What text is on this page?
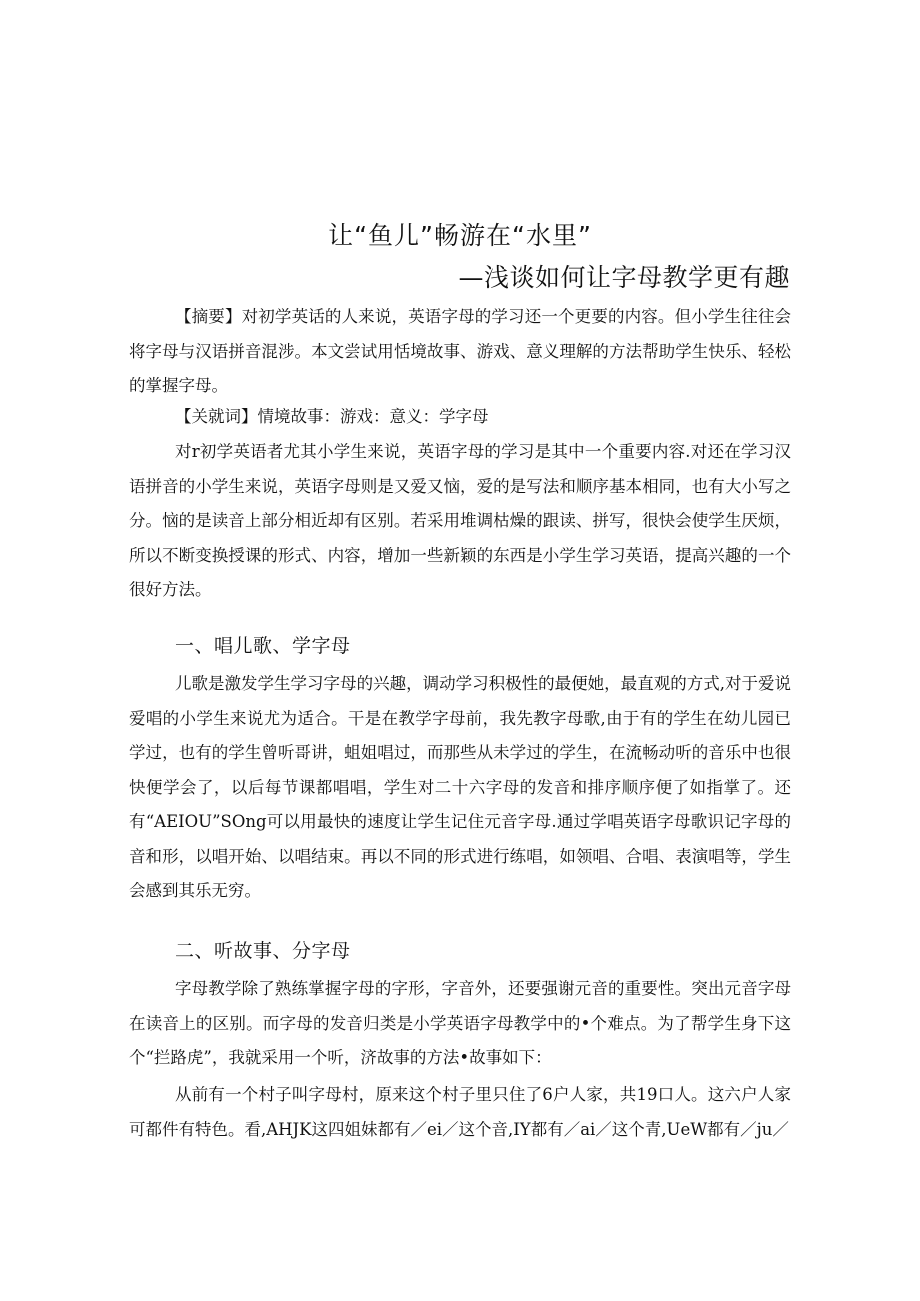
让“鱼儿”畅游在“水里”
—浅谈如何让字母教学更有趣

【摘要】对初学英话的人来说，英语字母的学习还一个更要的内容。但小学生往往会将字母与汉语拼音混涉。本文尝试用恬境故事、游戏、意义理解的方法帮助学生快乐、轻松的掌握字母。

【关就词】情境故事：游戏：意义：学字母

对r初学英语者尤其小学生来说，英语字母的学习是其中一个重要内容.对还在学习汉语拼音的小学生来说，英语字母则是又爱又恼，爱的是写法和顺序基本相同，也有大小写之分。恼的是读音上部分相近却有区别。若采用堆调枯燥的跟读、拼写，很快会使学生厌烦，所以不断变换授课的形式、内容，增加一些新颖的东西是小学生学习英语，提高兴趣的一个很好方法。

一、唱儿歌、学字母

儿歌是激发学生学习字母的兴趣，调动学习积极性的最便她，最直观的方式,对于爱说爱唱的小学生来说尤为适合。干是在教学字母前，我先教字母歌,由于有的学生在幼儿园已学过，也有的学生曾听哥讲，蛆姐唱过，而那些从未学过的学生，在流畅动听的音乐中也很快便学会了，以后每节课都唱唱，学生对二十六字母的发音和排序顺序便了如指掌了。还有“AEIOU”SOng可以用最快的速度让学生记住元音字母.通过学唱英语字母歌识记字母的音和形，以唱开始、以唱结束。再以不同的形式进行练唱，如领唱、合唱、表演唱等，学生会感到其乐无穷。

二、听故事、分字母

字母教学除了熟练掌握字母的字形，字音外，还要强谢元音的重要性。突出元音字母在读音上的区别。而字母的发音归类是小学英语字母教学中的•个难点。为了帮学生身下这个“拦路虎”，我就采用一个听，济故事的方法•故事如下：

从前有一个村子叫字母村，原来这个村子里只住了6户人家，共19口人。这六户人家可都件有特色。看,AHJK这四姐妹都有／ei／这个音,IY都有／ai／这个青,UeW都有／ju／
